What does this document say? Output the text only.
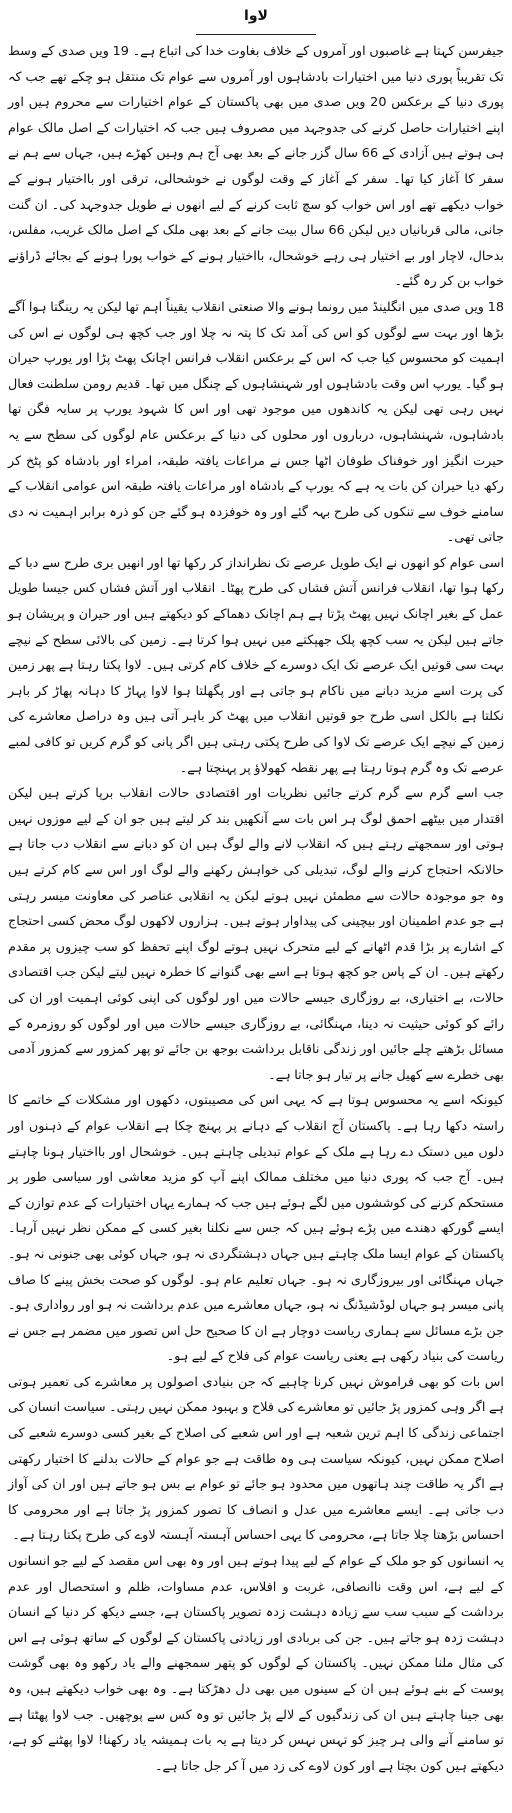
لاوا

جیفرسن کہتا ہے غاصبوں اور آمروں کے خلاف بغاوت خدا کی اتباع ہے۔ 19 ویں صدی کے وسط تک تقریباً پوری دنیا میں اختیارات بادشاہوں اور آمروں سے عوام تک منتقل ہو چکے تھے جب کہ پوری دنیا کے برعکس 20 ویں صدی میں بھی پاکستان کے عوام اختیارات سے محروم ہیں اور اپنے اختیارات حاصل کرنے کی جدوجہد میں مصروف ہیں جب کہ اختیارات کے اصل مالک عوام ہی ہوتے ہیں آزادی کے 66 سال گزر جانے کے بعد بھی آج ہم وہیں کھڑے ہیں، جہاں سے ہم نے سفر کا آغاز کیا تھا۔ سفر کے آغاز کے وقت لوگوں نے خوشحالی، ترقی اور بااختیار ہونے کے خواب دیکھے تھے اور اس خواب کو سچ ثابت کرنے کے لیے انھوں نے طویل جدوجہد کی۔ ان گنت جانی، مالی قربانیاں دیں لیکن 66 سال بیت جانے کے بعد بھی ملک کے اصل مالک غریب، مفلس، بدحال، لاچار اور بے اختیار ہی رہے خوشحال، بااختیار ہونے کے خواب پورا ہونے کے بجائے ڈراؤنے خواب بن کر رہ گئے۔

18 ویں صدی میں انگلینڈ میں رونما ہونے والا صنعتی انقلاب یقیناً اہم تھا لیکن یہ رینگتا ہوا آگے بڑھا اور بہت سے لوگوں کو اس کی آمد تک کا پتہ نہ چلا اور جب کچھ ہی لوگوں نے اس کی اہمیت کو محسوس کیا جب کہ اس کے برعکس انقلاب فرانس اچانک پھٹ پڑا اور یورپ حیران ہو گیا۔ یورپ اس وقت بادشاہوں اور شہنشاہوں کے چنگل میں تھا۔ قدیم رومن سلطنت فعال نہیں رہی تھی لیکن یہ کاندھوں میں موجود تھی اور اس کا شہود یورپ پر سایہ فگن تھا بادشاہوں، شہنشاہوں، درباروں اور محلوں کی دنیا کے برعکس عام لوگوں کی سطح سے یہ حیرت انگیز اور خوفناک طوفان اٹھا جس نے مراعات یافتہ طبقہ، امراء اور بادشاہ کو پٹخ کر رکھ دیا حیران کن بات یہ ہے کہ یورپ کے بادشاہ اور مراعات یافتہ طبقہ اس عوامی انقلاب کے سامنے خوف سے تنکوں کی طرح بہہ گئے اور وہ خوفزدہ ہو گئے جن کو ذرہ برابر اہمیت نہ دی جاتی تھی۔

اسی عوام کو انھوں نے ایک طویل عرصے تک نظرانداز کر رکھا تھا اور انھیں بری طرح سے دبا کے رکھا ہوا تھا، انقلاب فرانس آتش فشاں کی طرح پھٹا۔ انقلاب اور آتش فشاں کس جیسا طویل عمل کے بغیر اچانک نہیں پھٹ پڑتا ہے ہم اچانک دھماکے کو دیکھتے ہیں اور حیران و پریشان ہو جاتے ہیں لیکن یہ سب کچھ پلک جھپکتے میں نہیں ہوا کرتا ہے۔ زمین کی بالائی سطح کے نیچے بہت سی قوتیں ایک عرصے تک ایک دوسرے کے خلاف کام کرتی ہیں۔ لاوا پکتا رہتا ہے پھر زمین کی پرت اسے مزید دبانے میں ناکام ہو جاتی ہے اور پگھلتا ہوا لاوا پہاڑ کا دہانہ پھاڑ کر باہر نکلتا ہے بالکل اسی طرح جو قوتیں انقلاب میں پھٹ کر باہر آتی ہیں وہ دراصل معاشرے کی زمین کے نیچے ایک عرصے تک لاوا کی طرح پکتی رہتی ہیں اگر پانی کو گرم کریں تو کافی لمبے عرصے تک وہ گرم ہوتا رہتا ہے پھر نقطہ کھولاؤ پر پہنچتا ہے۔

جب اسے گرم سے گرم کرتے جائیں نظریات اور اقتصادی حالات انقلاب برپا کرتے ہیں لیکن اقتدار میں بیٹھے احمق لوگ ہر اس بات سے آنکھیں بند کر لیتے ہیں جو ان کے لیے موزوں نہیں ہوتی اور سمجھتے رہتے ہیں کہ انقلاب لانے والے لوگ ہیں ان کو دبانے سے انقلاب دب جاتا ہے حالانکہ احتجاج کرنے والے لوگ، تبدیلی کی خواہش رکھنے والے لوگ اور اس سے کام کرتے ہیں وہ جو موجودہ حالات سے مطمئن نہیں ہوتے لیکن یہ انقلابی عناصر کی معاونت میسر رہتی ہے جو عدم اطمینان اور بیچینی کی پیداوار ہوتے ہیں۔ ہزاروں لاکھوں لوگ محض کسی احتجاج کے اشارے پر بڑا قدم اٹھانے کے لیے متحرک نہیں ہوتے لوگ اپنے تحفظ کو سب چیزوں پر مقدم رکھتے ہیں۔ ان کے پاس جو کچھ ہوتا ہے اسے بھی گنوانے کا خطرہ نہیں لیتے لیکن جب اقتصادی حالات، بے اختیاری، بے روزگاری جیسے حالات میں اور لوگوں کی اپنی کوئی اہمیت اور ان کی رائے کو کوئی حیثیت نہ دینا، مہنگائی، بے روزگاری جیسے حالات میں اور لوگوں کو روزمرہ کے مسائل بڑھتے چلے جائیں اور زندگی ناقابل برداشت بوجھ بن جائے تو پھر کمزور سے کمزور آدمی بھی خطرے سے کھیل جانے پر تیار ہو جاتا ہے۔

کیونکہ اسے یہ محسوس ہوتا ہے کہ یہی اس کی مصیبتوں، دکھوں اور مشکلات کے خاتمے کا راستہ دکھا رہا ہے۔ پاکستان آج انقلاب کے دہانے پر پہنچ چکا ہے انقلاب عوام کے ذہنوں اور دلوں میں دستک دے رہا ہے ملک کے عوام تبدیلی چاہتے ہیں۔ خوشحال اور بااختیار ہونا چاہتے ہیں۔ آج جب کہ پوری دنیا میں مختلف ممالک اپنے آپ کو مزید معاشی اور سیاسی طور پر مستحکم کرنے کی کوششوں میں لگے ہوئے ہیں جب کہ ہمارے یہاں اختیارات کے عدم توازن کے ایسے گورکھ دھندے میں پڑے ہوئے ہیں کہ جس سے نکلنا بغیر کسی کے ممکن نظر نہیں آرہا۔ پاکستان کے عوام ایسا ملک چاہتے ہیں جہاں دہشتگردی نہ ہو، جہاں کوئی بھی جنونی نہ ہو۔ جہاں مہنگائی اور بیروزگاری نہ ہو۔ جہاں تعلیم عام ہو۔ لوگوں کو صحت بخش پینے کا صاف پانی میسر ہو جہاں لوڈشیڈنگ نہ ہو، جہاں معاشرے میں عدم برداشت نہ ہو اور رواداری ہو۔ جن بڑے مسائل سے ہماری ریاست دوچار ہے ان کا صحیح حل اس تصور میں مضمر ہے جس نے ریاست کی بنیاد رکھی ہے یعنی ریاست عوام کی فلاح کے لیے ہو۔

اس بات کو بھی فراموش نہیں کرنا چاہیے کہ جن بنیادی اصولوں پر معاشرے کی تعمیر ہوتی ہے اگر وہی کمزور پڑ جائیں تو معاشرے کی فلاح و بہبود ممکن نہیں رہتی۔ سیاست انسان کی اجتماعی زندگی کا اہم ترین شعبہ ہے اور اس شعبے کی اصلاح کے بغیر کسی دوسرے شعبے کی اصلاح ممکن نہیں، کیونکہ سیاست ہی وہ طاقت ہے جو عوام کے حالات بدلنے کا اختیار رکھتی ہے اگر یہ طاقت چند ہاتھوں میں محدود ہو جائے تو عوام بے بس ہو جاتے ہیں اور ان کی آواز دب جاتی ہے۔ ایسے معاشرے میں عدل و انصاف کا تصور کمزور پڑ جاتا ہے اور محرومی کا احساس بڑھتا چلا جاتا ہے، محرومی کا یہی احساس آہستہ آہستہ لاوے کی طرح پکتا رہتا ہے۔

یہ انسانوں کو جو ملک کے عوام کے لیے پیدا ہوتے ہیں اور وہ بھی اس مقصد کے لیے جو انسانوں کے لیے ہے، اس وقت ناانصافی، غربت و افلاس، عدم مساوات، ظلم و استحصال اور عدم برداشت کے سبب سب سے زیادہ دہشت زدہ تصویر پاکستان ہے، جسے دیکھ کر دنیا کے انسان دہشت زدہ ہو جاتے ہیں۔ جن کی بربادی اور زیادتی پاکستان کے لوگوں کے ساتھ ہوئی ہے اس کی مثال ملنا ممکن نہیں۔ پاکستان کے لوگوں کو پتھر سمجھنے والے یاد رکھو وہ بھی گوشت پوست کے بنے ہوئے ہیں ان کے سینوں میں بھی دل دھڑکتا ہے۔ وہ بھی خواب دیکھتے ہیں، وہ بھی جینا چاہتے ہیں ان کی زندگیوں کے لالے پڑ جائیں تو وہ کس سے پوچھیں۔ جب لاوا پھٹتا ہے تو سامنے آنے والی ہر چیز کو تہس نہس کر دیتا ہے یہ بات ہمیشہ یاد رکھنا! لاوا پھٹنے کو ہے، دیکھتے ہیں کون بچتا ہے اور کون لاوے کی زد میں آ کر جل جاتا ہے۔
